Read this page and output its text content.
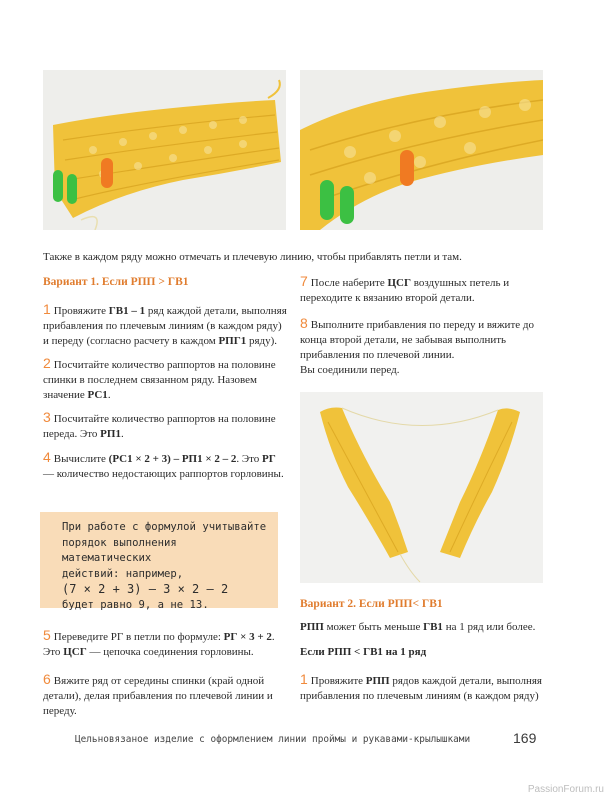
Также в каждом ряду можно отмечать и плечевую линию, чтобы прибавлять петли и там.
Вариант 1. Если РПП > ГВ1
1 Провяжите ГВ1 – 1 ряд каждой детали, выполняя прибавления по плечевым линиям (в каждом ряду) и переду (согласно расчету в каждом РПГ1 ряду).
2 Посчитайте количество раппортов на половине спинки в последнем связанном ряду. Назовем значение РС1.
3 Посчитайте количество раппортов на половине переда. Это РП1.
4 Вычислите (РС1 × 2 + 3) – РП1 × 2 – 2. Это РГ — количество недостающих раппортов горловины.
При работе с формулой учитывайте
порядок выполнения математических
действий: например,
(7 × 2 + 3) – 3 × 2 – 2
будет равно 9, а не 13.
5 Переведите РГ в петли по формуле: РГ × 3 + 2. Это ЦСГ — цепочка соединения горловины.
6 Вяжите ряд от середины спинки (край одной детали), делая прибавления по плечевой линии и переду.
7 После наберите ЦСГ воздушных петель и переходите к вязанию второй детали.
8 Выполните прибавления по переду и вяжите до конца второй детали, не забывая выполнить прибавления по плечевой линии.
Вы соединили перед.
Вариант 2. Если РПП< ГВ1
РПП может быть меньше ГВ1 на 1 ряд или более.
Если РПП < ГВ1 на 1 ряд
1 Провяжите РПП рядов каждой детали, выполняя прибавления по плечевым линиям (в каждом ряду)
Цельновязаное изделие с оформлением линии проймы и рукавами-крылышками	169
PassionForum.ru
